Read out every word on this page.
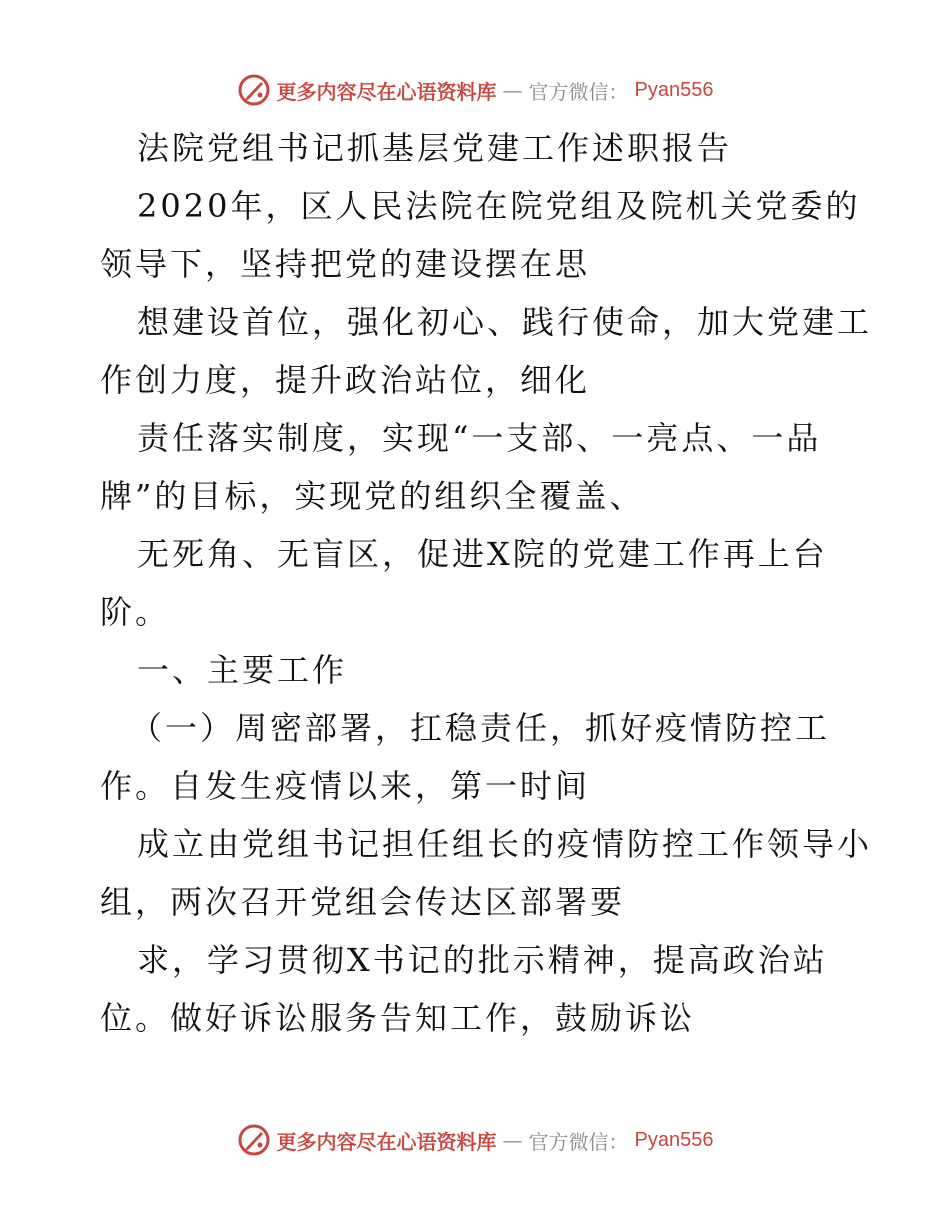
更多内容尽在心语资料库 — 官方微信： Pyan556
法院党组书记抓基层党建工作述职报告
2020年，区人民法院在院党组及院机关党委的
领导下，坚持把党的建设摆在思
想建设首位，强化初心、践行使命，加大党建工
作创力度，提升政治站位，细化
责任落实制度，实现“一支部、一亮点、一品
牌”的目标，实现党的组织全覆盖、
无死角、无盲区，促进X院的党建工作再上台
阶。
一、主要工作
（一）周密部署，扛稳责任，抓好疫情防控工
作。自发生疫情以来，第一时间
成立由党组书记担任组长的疫情防控工作领导小
组，两次召开党组会传达区部署要
求，学习贯彻X书记的批示精神，提高政治站
位。做好诉讼服务告知工作，鼓励诉讼
更多内容尽在心语资料库 — 官方微信： Pyan556
